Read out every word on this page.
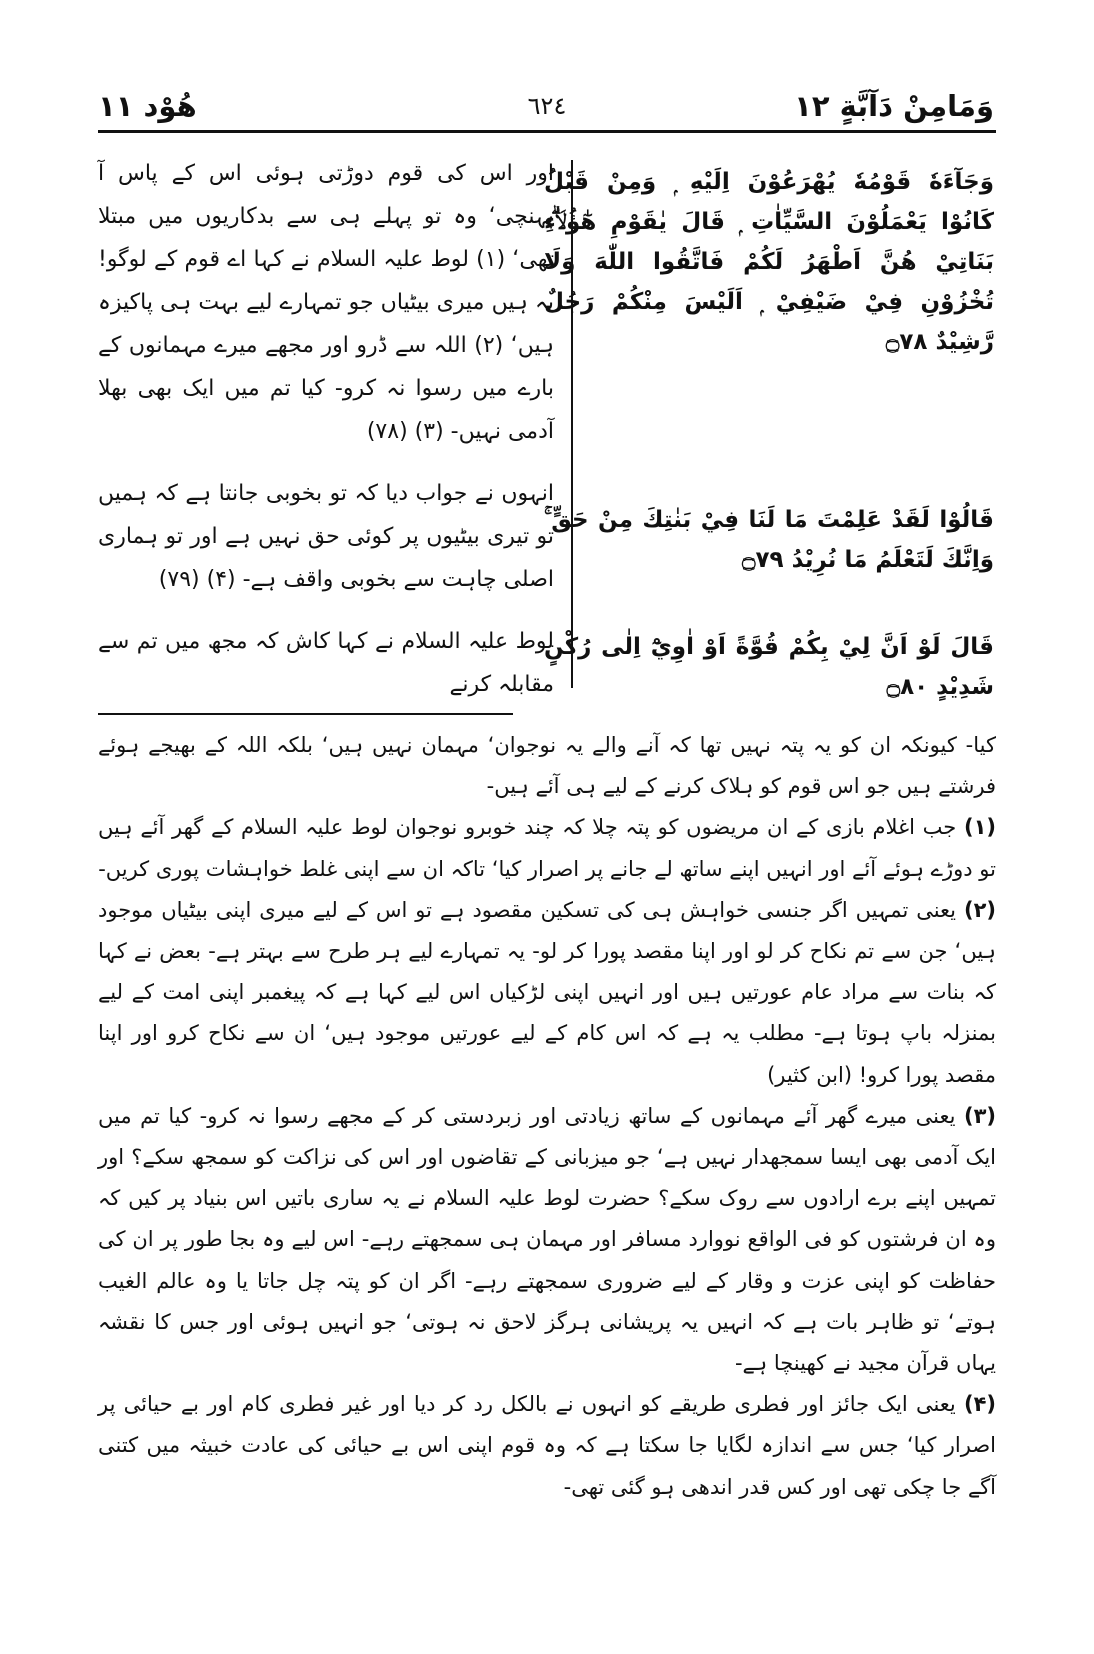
وَمَامِنْ دَآبَّةٍ ١٢
٦٢٤
هُوْد ١١
وَجَآءَهٗ قَوْمُهٗ يُهْرَعُوْنَ اِلَيْهِ ۭ وَمِنْ قَبْلُ كَانُوْا يَعْمَلُوْنَ السَّيِّاٰتِ ۭ قَالَ يٰقَوْمِ هٰٓؤُلَاۗءِ بَنَاتِيْ هُنَّ اَطْهَرُ لَكُمْ فَاتَّقُوا اللّٰهَ وَلَا تُخْزُوْنِ فِيْ ضَيْفِيْ ۭ اَلَيْسَ مِنْكُمْ رَجُلٌ رَّشِيْدٌ ۝٧٨
قَالُوْا لَقَدْ عَلِمْتَ مَا لَنَا فِيْ بَنٰتِكَ مِنْ حَقٍّ ۚ وَاِنَّكَ لَتَعْلَمُ مَا نُرِيْدُ ۝٧٩
قَالَ لَوْ اَنَّ لِيْ بِكُمْ قُوَّةً اَوْ اٰوِيْٓ اِلٰى رُكْنٍ شَدِيْدٍ ۝٨٠
اور اس کی قوم دوڑتی ہوئی اس کے پاس آ پہنچی‘ وہ تو پہلے ہی سے بدکاریوں میں مبتلا تھی‘ (۱) لوط علیہ السلام نے کہا اے قوم کے لوگو! یہ ہیں میری بیٹیاں جو تمہارے لیے بہت ہی پاکیزہ ہیں‘ (۲) اللہ سے ڈرو اور مجھے میرے مہمانوں کے بارے میں رسوا نہ کرو- کیا تم میں ایک بھی بھلا آدمی نہیں- (۳) (۷۸)
انہوں نے جواب دیا کہ تو بخوبی جانتا ہے کہ ہمیں تو تیری بیٹیوں پر کوئی حق نہیں ہے اور تو ہماری اصلی چاہت سے بخوبی واقف ہے- (۴) (۷۹)
لوط علیہ السلام نے کہا کاش کہ مجھ میں تم سے مقابلہ کرنے

کیا- کیونکہ ان کو یہ پتہ نہیں تھا کہ آنے والے یہ نوجوان‘ مہمان نہیں ہیں‘ بلکہ اللہ کے بھیجے ہوئے فرشتے ہیں جو اس قوم کو ہلاک کرنے کے لیے ہی آئے ہیں-

(۱) جب اغلام بازی کے ان مریضوں کو پتہ چلا کہ چند خوبرو نوجوان لوط علیہ السلام کے گھر آئے ہیں تو دوڑے ہوئے آئے اور انہیں اپنے ساتھ لے جانے پر اصرار کیا‘ تاکہ ان سے اپنی غلط خواہشات پوری کریں-

(۲) یعنی تمہیں اگر جنسی خواہش ہی کی تسکین مقصود ہے تو اس کے لیے میری اپنی بیٹیاں موجود ہیں‘ جن سے تم نکاح کر لو اور اپنا مقصد پورا کر لو- یہ تمہارے لیے ہر طرح سے بہتر ہے- بعض نے کہا کہ بنات سے مراد عام عورتیں ہیں اور انہیں اپنی لڑکیاں اس لیے کہا ہے کہ پیغمبر اپنی امت کے لیے بمنزلہ باپ ہوتا ہے- مطلب یہ ہے کہ اس کام کے لیے عورتیں موجود ہیں‘ ان سے نکاح کرو اور اپنا مقصد پورا کرو! (ابن کثیر)

(۳) یعنی میرے گھر آئے مہمانوں کے ساتھ زیادتی اور زبردستی کر کے مجھے رسوا نہ کرو- کیا تم میں ایک آدمی بھی ایسا سمجھدار نہیں ہے‘ جو میزبانی کے تقاضوں اور اس کی نزاکت کو سمجھ سکے؟ اور تمہیں اپنے برے ارادوں سے روک سکے؟ حضرت لوط علیہ السلام نے یہ ساری باتیں اس بنیاد پر کیں کہ وہ ان فرشتوں کو فی الواقع نووارد مسافر اور مہمان ہی سمجھتے رہے- اس لیے وہ بجا طور پر ان کی حفاظت کو اپنی عزت و وقار کے لیے ضروری سمجھتے رہے- اگر ان کو پتہ چل جاتا یا وہ عالم الغیب ہوتے‘ تو ظاہر بات ہے کہ انہیں یہ پریشانی ہرگز لاحق نہ ہوتی‘ جو انہیں ہوئی اور جس کا نقشہ یہاں قرآن مجید نے کھینچا ہے-

(۴) یعنی ایک جائز اور فطری طریقے کو انہوں نے بالکل رد کر دیا اور غیر فطری کام اور بے حیائی پر اصرار کیا‘ جس سے اندازہ لگایا جا سکتا ہے کہ وہ قوم اپنی اس بے حیائی کی عادت خبیثہ میں کتنی آگے جا چکی تھی اور کس قدر اندھی ہو گئی تھی-
